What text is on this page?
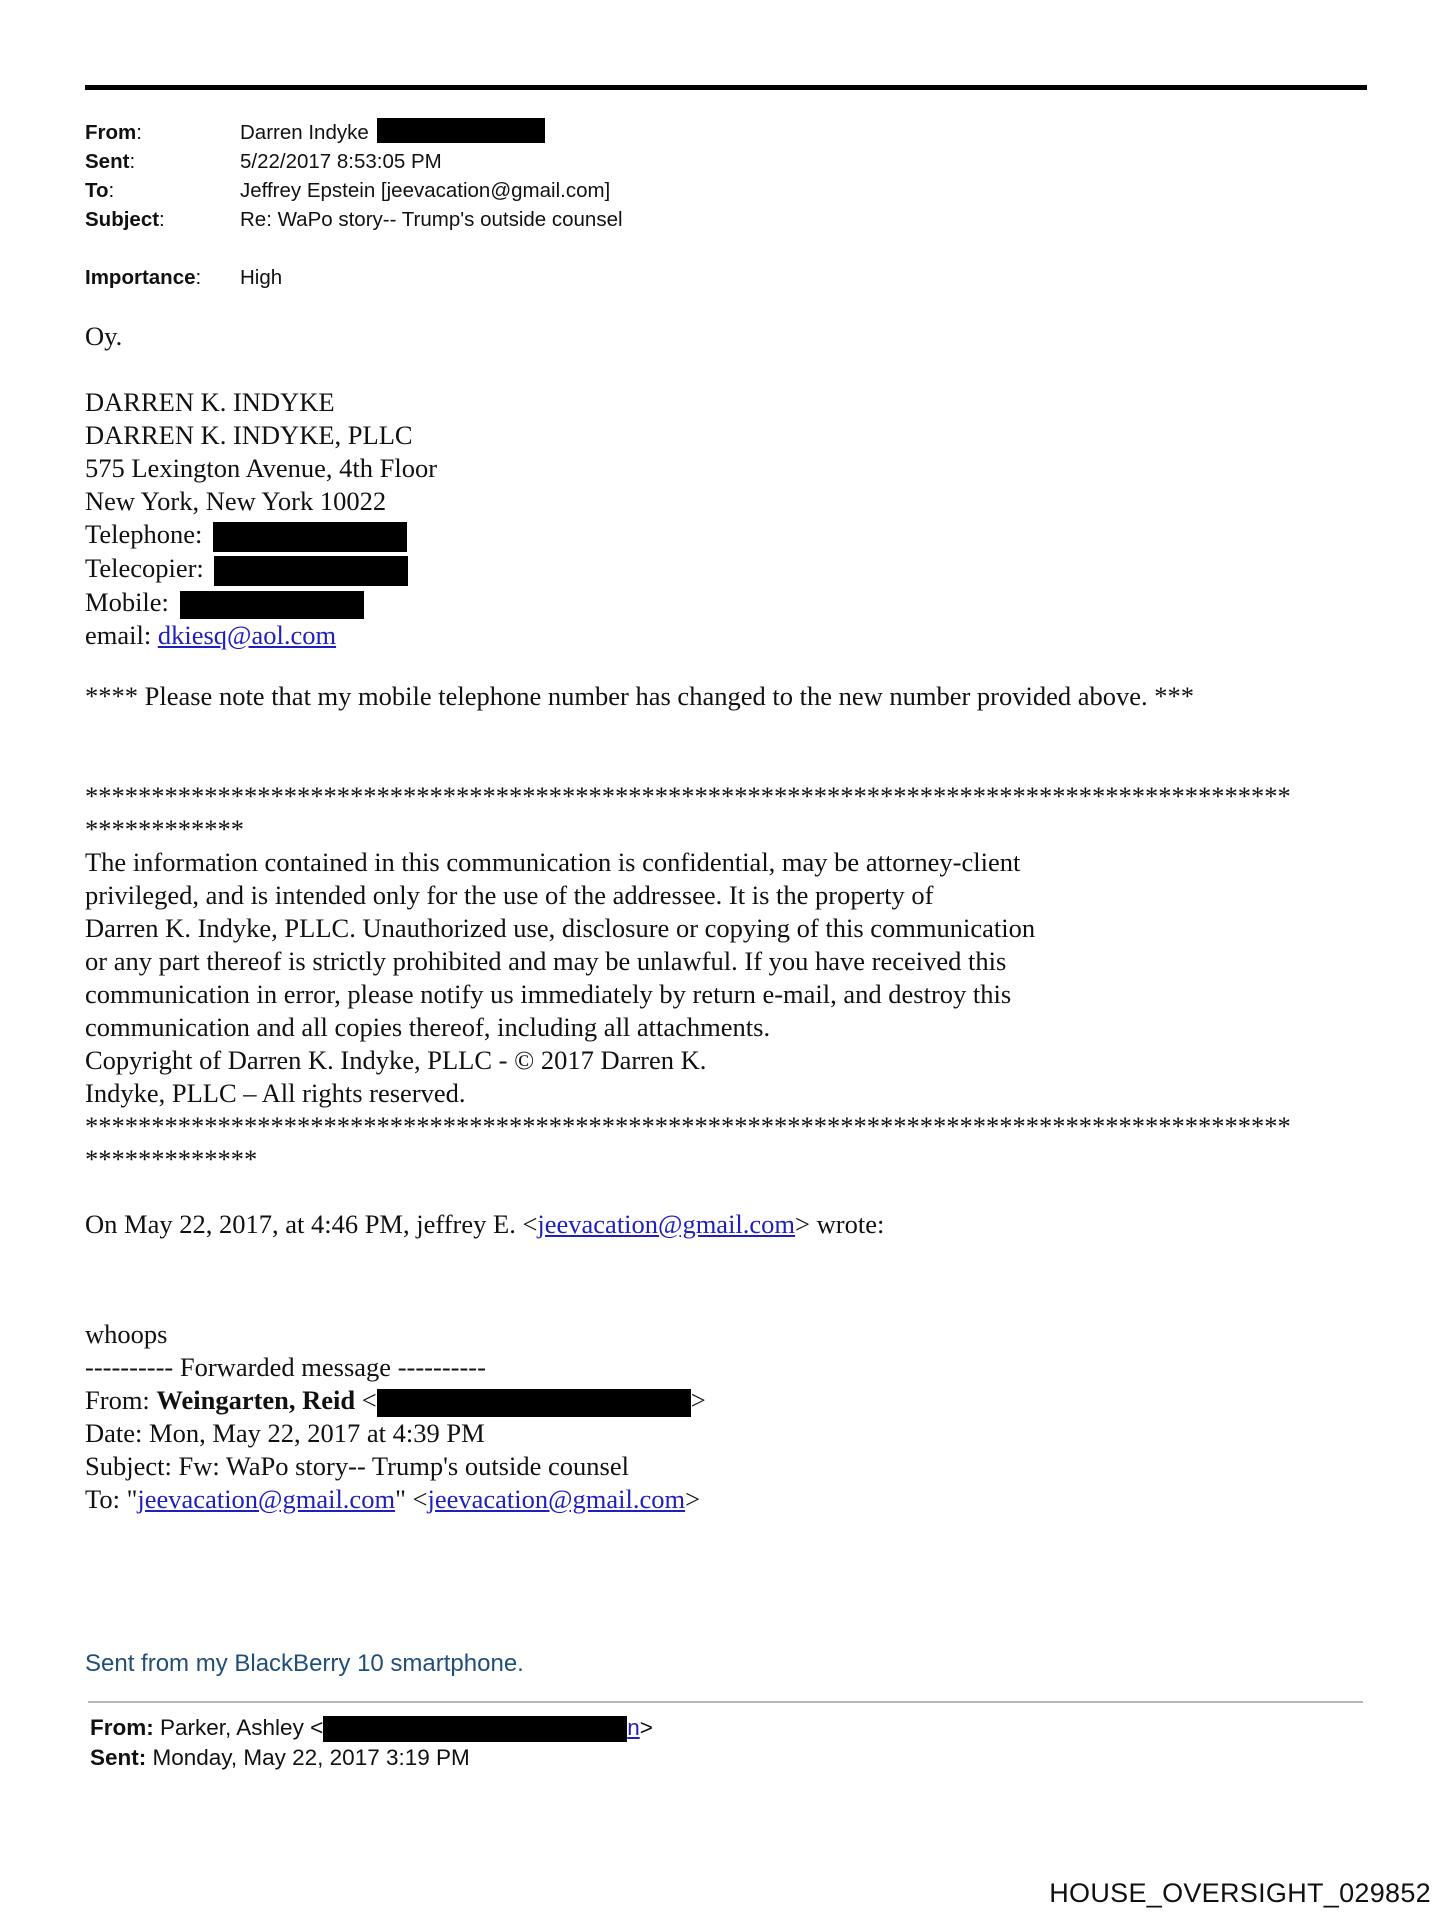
From:	Darren Indyke
Sent:	5/22/2017 8:53:05 PM
To:	Jeffrey Epstein [jeevacation@gmail.com]
Subject:	Re: WaPo story-- Trump's outside counsel
Importance:	High
Oy.
DARREN K. INDYKE
DARREN K. INDYKE, PLLC
575 Lexington Avenue, 4th Floor
New York, New York 10022
Telephone:
Telecopier:
Mobile:
email: dkiesq@aol.com
**** Please note that my mobile telephone number has changed to the new number provided above. ***
*******************************************************************************************
************
The information contained in this communication is confidential, may be attorney-client
privileged, and is intended only for the use of the addressee. It is the property of
Darren K. Indyke, PLLC. Unauthorized use, disclosure or copying of this communication
or any part thereof is strictly prohibited and may be unlawful. If you have received this
communication in error, please notify us immediately by return e-mail, and destroy this
communication and all copies thereof, including all attachments.
Copyright of Darren K. Indyke, PLLC - © 2017 Darren K.
Indyke, PLLC – All rights reserved.
*******************************************************************************************
*************
On May 22, 2017, at 4:46 PM, jeffrey E. <jeevacation@gmail.com> wrote:
whoops
---------- Forwarded message ----------
From: Weingarten, Reid <	>
Date: Mon, May 22, 2017 at 4:39 PM
Subject: Fw: WaPo story-- Trump's outside counsel
To: "jeevacation@gmail.com" <jeevacation@gmail.com>
Sent from my BlackBerry 10 smartphone.
From: Parker, Ashley <	n>
Sent: Monday, May 22, 2017 3:19 PM
HOUSE_OVERSIGHT_029852
